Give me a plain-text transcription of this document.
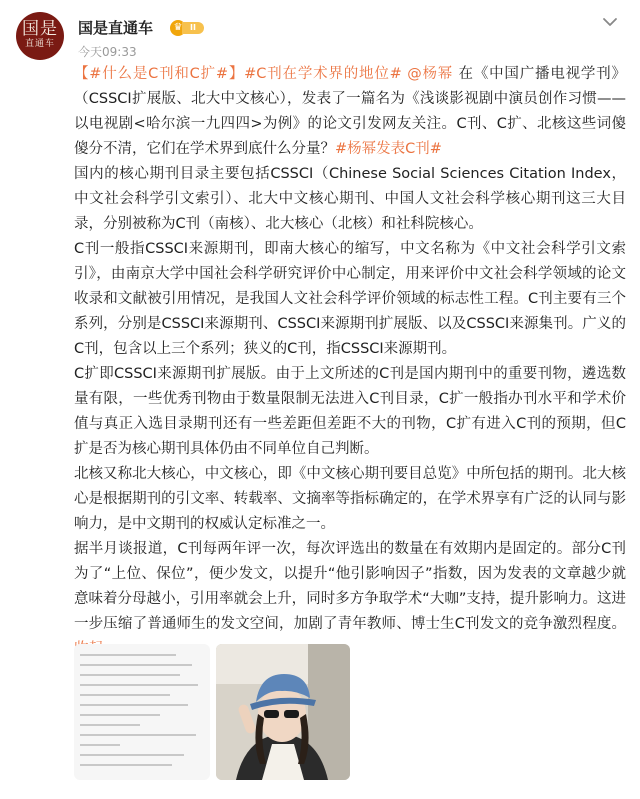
国是
直通车
国是直通车	♛ II
今天09:33

【#什么是C刊和C扩#】#C刊在学术界的地位# @杨幂 在《中国广播电视学刊》（CSSCI扩展版、北大中文核心），发表了一篇名为《浅谈影视剧中演员创作习惯——以电视剧<哈尔滨一九四四>为例》的论文引发网友关注。C刊、C扩、北核这些词傻傻分不清，它们在学术界到底什么分量？#杨幂发表C刊#

国内的核心期刊目录主要包括CSSCI（Chinese Social Sciences Citation Index，中文社会科学引文索引）、北大中文核心期刊、中国人文社会科学核心期刊这三大目录，分别被称为C刊（南核）、北大核心（北核）和社科院核心。

C刊一般指CSSCI来源期刊，即南大核心的缩写，中文名称为《中文社会科学引文索引》，由南京大学中国社会科学研究评价中心制定，用来评价中文社会科学领域的论文收录和文献被引用情况，是我国人文社会科学评价领域的标志性工程。C刊主要有三个系列，分别是CSSCI来源期刊、CSSCI来源期刊扩展版、以及CSSCI来源集刊。广义的C刊，包含以上三个系列；狭义的C刊，指CSSCI来源期刊。

C扩即CSSCI来源期刊扩展版。由于上文所述的C刊是国内期刊中的重要刊物，遴选数量有限，一些优秀刊物由于数量限制无法进入C刊目录，C扩一般指办刊水平和学术价值与真正入选目录期刊还有一些差距但差距不大的刊物，C扩有进入C刊的预期，但C扩是否为核心期刊具体仍由不同单位自己判断。

北核又称北大核心，中文核心，即《中文核心期刊要目总览》中所包括的期刊。北大核心是根据期刊的引文率、转载率、文摘率等指标确定的，在学术界享有广泛的认同与影响力，是中文期刊的权威认定标准之一。

据半月谈报道，C刊每两年评一次，每次评选出的数量在有效期内是固定的。部分C刊为了“上位、保位”，便少发文，以提升“他引影响因子”指数，因为发表的文章越少就意味着分母越小，引用率就会上升，同时多方争取学术“大咖”支持，提升影响力。这进一步压缩了普通师生的发文空间，加剧了青年教师、博士生C刊发文的竞争激烈程度。
